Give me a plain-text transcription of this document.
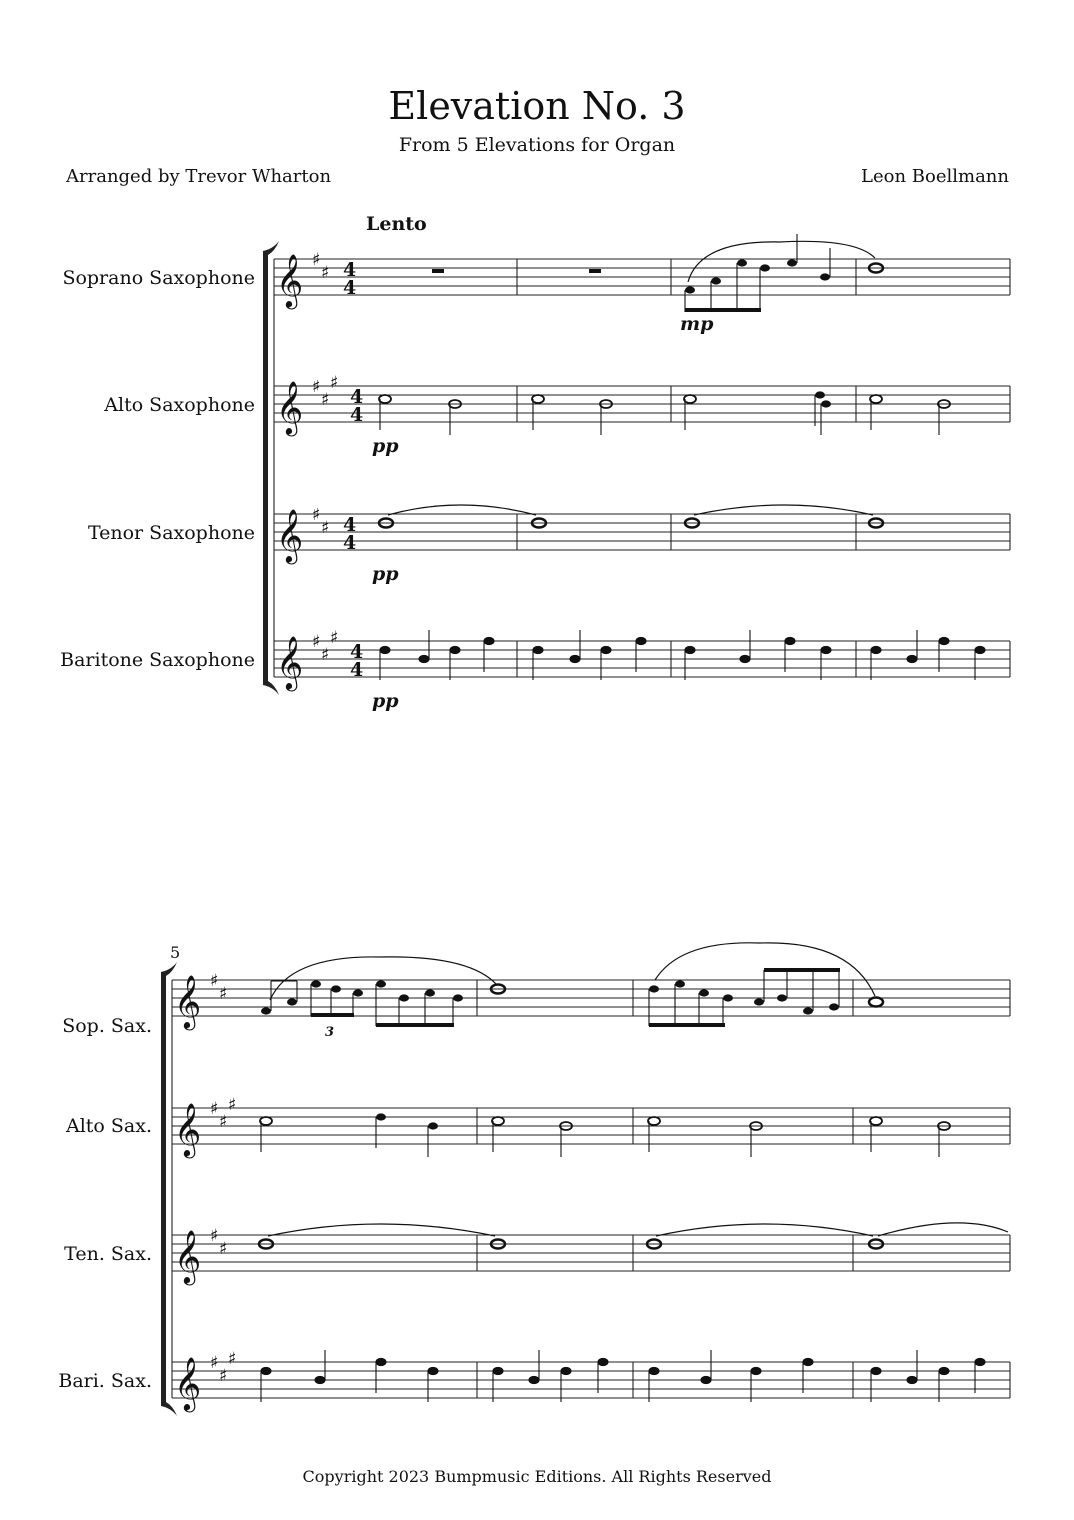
Elevation No. 3
From 5 Elevations for Organ
Arranged by Trevor Wharton	Leon Boellmann
Lento
Soprano Saxophone
Alto Saxophone
Tenor Saxophone
Baritone Saxophone
Sop. Sax.
Alto Sax.
Ten. Sax.
Bari. Sax.
Copyright 2023 Bumpmusic Editions. All Rights Reserved
𝄞
𝄞
𝄞
𝄞
♯
♯
♯
♯
♯
♯
♯
♯
♯
♯
4
4
4
4
4
4
4
4
mp
pp
pp
pp
5
𝄞
𝄞
𝄞
𝄞
♯
♯
♯
♯
♯
♯
♯
♯
♯
♯
3
